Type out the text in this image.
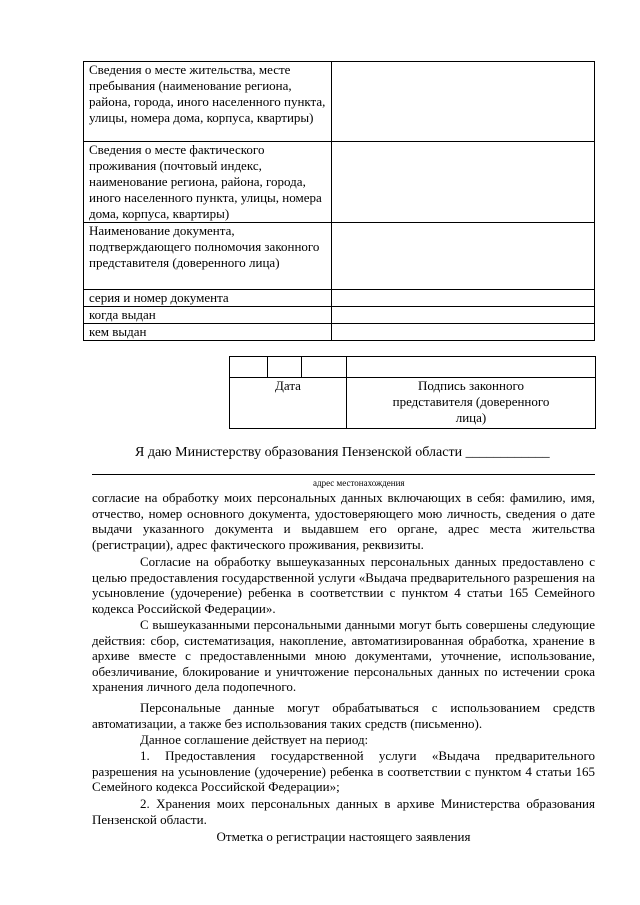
Сведения о месте жительства, месте пребывания (наименование региона, района, города, иного населенного пункта, улицы, номера дома, корпуса, квартиры)	
Сведения о месте фактического проживания (почтовый индекс, наименование региона, района, города, иного населенного пункта, улицы, номера дома, корпуса, квартиры)	
Наименование документа, подтверждающего полномочия законного представителя (доверенного лица)	
серия и номер документа	
когда выдан	
кем выдан	

Дата			Подпись законного представителя (доверенного лица)
Я даю Министерству образования Пензенской области ____________
адрес местонахождения
согласие на обработку моих персональных данных включающих в себя: фамилию, имя, отчество, номер основного документа, удостоверяющего мою личность, сведения о дате выдачи указанного документа и выдавшем его органе, адрес места жительства (регистрации), адрес фактического проживания, реквизиты.
Согласие на обработку вышеуказанных персональных данных предоставлено с целью предоставления государственной услуги «Выдача предварительного разрешения на усыновление (удочерение) ребенка в соответствии с пунктом 4 статьи 165 Семейного кодекса Российской Федерации».
С вышеуказанными персональными данными могут быть совершены следующие действия: сбор, систематизация, накопление, автоматизированная обработка, хранение в архиве вместе с предоставленными мною документами, уточнение, использование, обезличивание, блокирование и уничтожение персональных данных по истечении срока хранения личного дела подопечного.
Персональные данные могут обрабатываться с использованием средств автоматизации, а также без использования таких средств (письменно).
Данное соглашение действует на период:
1. Предоставления государственной услуги «Выдача предварительного разрешения на усыновление (удочерение) ребенка в соответствии с пунктом 4 статьи 165 Семейного кодекса Российской Федерации»;
2. Хранения моих персональных данных в архиве Министерства образования Пензенской области.
Отметка о регистрации настоящего заявления
